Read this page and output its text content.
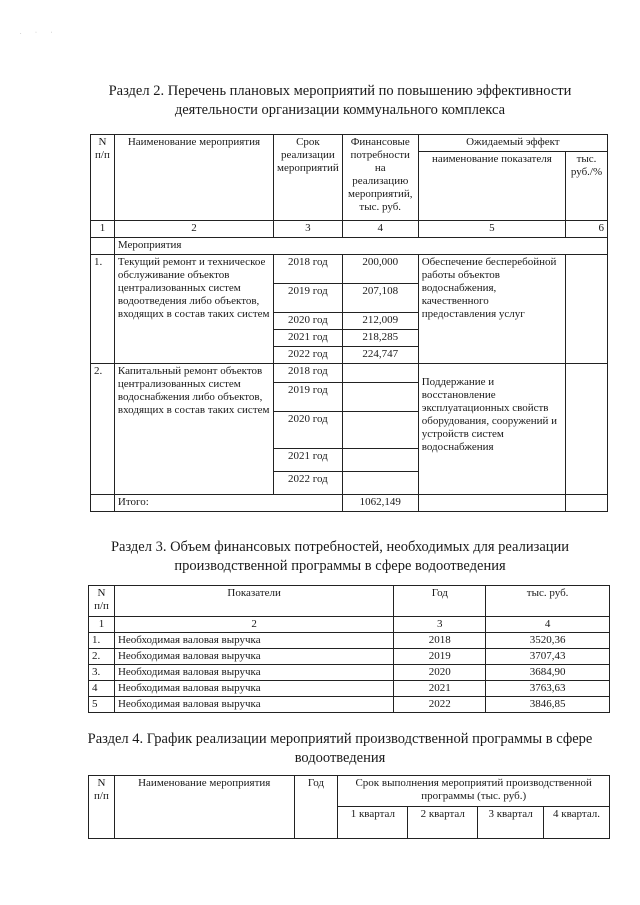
. · ·
Раздел 2. Перечень плановых мероприятий по повышению эффективности деятельности организации коммунального комплекса
N п/п	Наименование мероприятия	Срок реализации мероприятий	Финансовые потребности на реализацию мероприятий, тыс. руб.	Ожидаемый эффект	
				наименование показателя	тыс. руб./%
1	2	3	4	5	6
	Мероприятия				
1.	Текущий ремонт и техническое обслуживание объектов централизованных систем водоотведения либо объектов, входящих в состав таких систем	2018 год	200,000	Обеспечение бесперебойной работы объектов водоснабжения, качественного предоставления услуг	
		2019 год	207,108		
		2020 год	212,009		
		2021 год	218,285		
		2022 год	224,747		
2.	Капитальный ремонт объектов централизованных систем водоснабжения либо объектов, входящих в состав таких систем	2018 год		Поддержание и восстановление эксплуатационных свойств оборудования, сооружений и устройств систем водоснабжения	
		2019 год			
		2020 год			
		2021 год			
		2022 год			
	Итого:		1062,149		
Раздел 3. Объем финансовых потребностей, необходимых для реализации производственной программы в сфере водоотведения
N п/п	Показатели	Год	тыс. руб.
1	2	3	4
1.	Необходимая валовая выручка	2018	3520,36
2.	Необходимая валовая выручка	2019	3707,43
3.	Необходимая валовая выручка	2020	3684,90
4	Необходимая валовая выручка	2021	3763,63
5	Необходимая валовая выручка	2022	3846,85
Раздел 4. График реализации мероприятий производственной программы в сфере водоотведения
N п/п	Наименование мероприятия	Год	Срок выполнения мероприятий производственной программы (тыс. руб.)			
			1 квартал	2 квартал	3 квартал	4 квартал.
